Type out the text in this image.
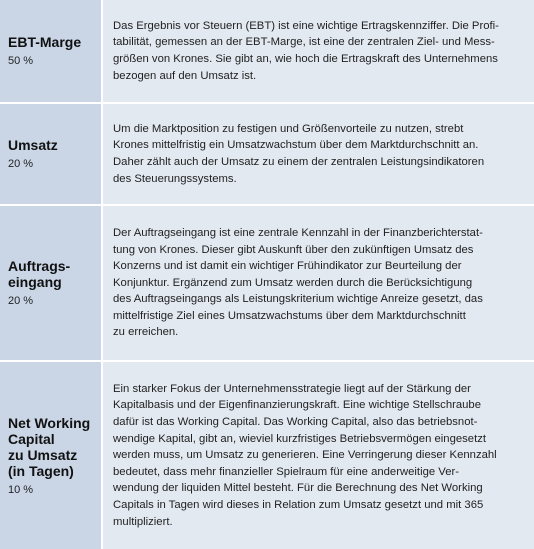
EBT-Marge
50 %
Das Ergebnis vor Steuern (EBT) ist eine wichtige Ertragskennziffer. Die Profi-
tabilität, gemessen an der EBT-Marge, ist eine der zentralen Ziel- und Mess-
größen von Krones. Sie gibt an, wie hoch die Ertragskraft des Unternehmens
bezogen auf den Umsatz ist.
Umsatz
20 %
Um die Marktposition zu festigen und Größenvorteile zu nutzen, strebt
Krones mittelfristig ein Umsatzwachstum über dem Marktdurchschnitt an.
Daher zählt auch der Umsatz zu einem der zentralen Leistungsindikatoren
des Steuerungssystems.
Auftrags-
eingang
20 %
Der Auftragseingang ist eine zentrale Kennzahl in der Finanzberichterstat-
tung von Krones. Dieser gibt Auskunft über den zukünftigen Umsatz des
Konzerns und ist damit ein wichtiger Frühindikator zur Beurteilung der
Konjunktur. Ergänzend zum Umsatz werden durch die Berücksichtigung
des Auftragseingangs als Leistungskriterium wichtige Anreize gesetzt, das
mittelfristige Ziel eines Umsatzwachstums über dem Marktdurchschnitt
zu erreichen.
Net Working
Capital
zu Umsatz
(in Tagen)
10 %
Ein starker Fokus der Unternehmensstrategie liegt auf der Stärkung der
Kapitalbasis und der Eigenfinanzierungskraft. Eine wichtige Stellschraube
dafür ist das Working Capital. Das Working Capital, also das betriebsnot-
wendige Kapital, gibt an, wieviel kurzfristiges Betriebsvermögen eingesetzt
werden muss, um Umsatz zu generieren. Eine Verringerung dieser Kennzahl
bedeutet, dass mehr finanzieller Spielraum für eine anderweitige Ver-
wendung der liquiden Mittel besteht. Für die Berechnung des Net Working
Capitals in Tagen wird dieses in Relation zum Umsatz gesetzt und mit 365
multipliziert.
